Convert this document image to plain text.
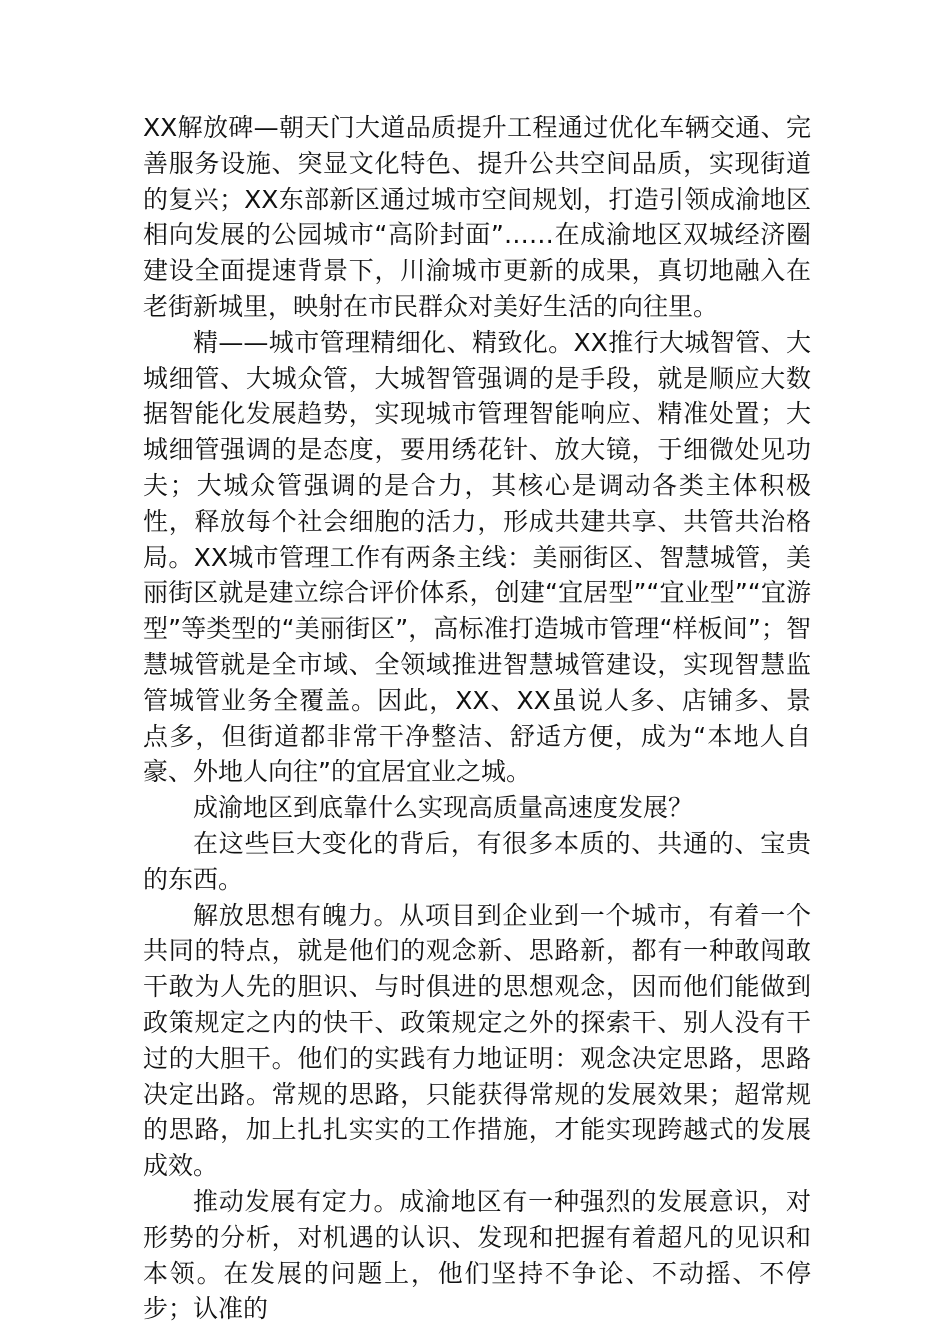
XX解放碑—朝天门大道品质提升工程通过优化车辆交通、完善服务设施、突显文化特色、提升公共空间品质，实现街道的复兴；XX东部新区通过城市空间规划，打造引领成渝地区相向发展的公园城市“高阶封面”……在成渝地区双城经济圈建设全面提速背景下，川渝城市更新的成果，真切地融入在老街新城里，映射在市民群众对美好生活的向往里。

精——城市管理精细化、精致化。XX推行大城智管、大城细管、大城众管，大城智管强调的是手段，就是顺应大数据智能化发展趋势，实现城市管理智能响应、精准处置；大城细管强调的是态度，要用绣花针、放大镜，于细微处见功夫；大城众管强调的是合力，其核心是调动各类主体积极性，释放每个社会细胞的活力，形成共建共享、共管共治格局。XX城市管理工作有两条主线：美丽街区、智慧城管，美丽街区就是建立综合评价体系，创建“宜居型”“宜业型”“宜游型”等类型的“美丽街区”，高标准打造城市管理“样板间”；智慧城管就是全市域、全领域推进智慧城管建设，实现智慧监管城管业务全覆盖。因此，XX、XX虽说人多、店铺多、景点多，但街道都非常干净整洁、舒适方便，成为“本地人自豪、外地人向往”的宜居宜业之城。

成渝地区到底靠什么实现高质量高速度发展？

在这些巨大变化的背后，有很多本质的、共通的、宝贵的东西。

解放思想有魄力。从项目到企业到一个城市，有着一个共同的特点，就是他们的观念新、思路新，都有一种敢闯敢干敢为人先的胆识、与时俱进的思想观念，因而他们能做到政策规定之内的快干、政策规定之外的探索干、别人没有干过的大胆干。他们的实践有力地证明：观念决定思路，思路决定出路。常规的思路，只能获得常规的发展效果；超常规的思路，加上扎扎实实的工作措施，才能实现跨越式的发展成效。

推动发展有定力。成渝地区有一种强烈的发展意识，对形势的分析，对机遇的认识、发现和把握有着超凡的见识和本领。在发展的问题上，他们坚持不争论、不动摇、不停步；认准的
